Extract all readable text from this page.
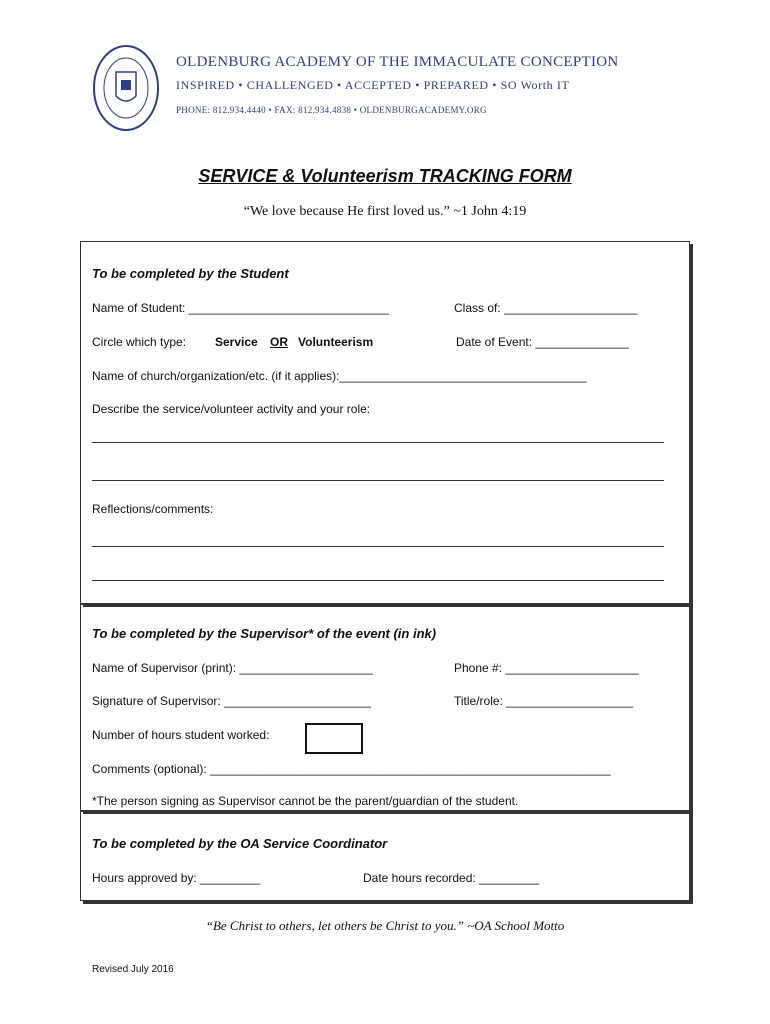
OLDENBURG ACADEMY OF THE IMMACULATE CONCEPTION
INSPIRED • CHALLENGED • ACCEPTED • PREPARED • SO Worth IT
PHONE: 812.934.4440 • FAX: 812.934.4838 • OLDENBURGACADEMY.ORG
SERVICE & Volunteerism TRACKING FORM
“We love because He first loved us.” ~1 John 4:19
To be completed by the Student
Name of Student: ______________________________	Class of: ____________________
Circle which type: Service OR Volunteerism	Date of Event: ______________
Name of church/organization/etc. (if it applies):_____________________________________
Describe the service/volunteer activity and your role:
Reflections/comments:
To be completed by the Supervisor* of the event (in ink)
Name of Supervisor (print): ____________________	Phone #: ____________________
Signature of Supervisor: ______________________	Title/role: ___________________
Number of hours student worked:
Comments (optional): ____________________________________________________________
*The person signing as Supervisor cannot be the parent/guardian of the student.
To be completed by the OA Service Coordinator
Hours approved by: _________	Date hours recorded: _________
“Be Christ to others, let others be Christ to you.” ~OA School Motto
Revised July 2016
